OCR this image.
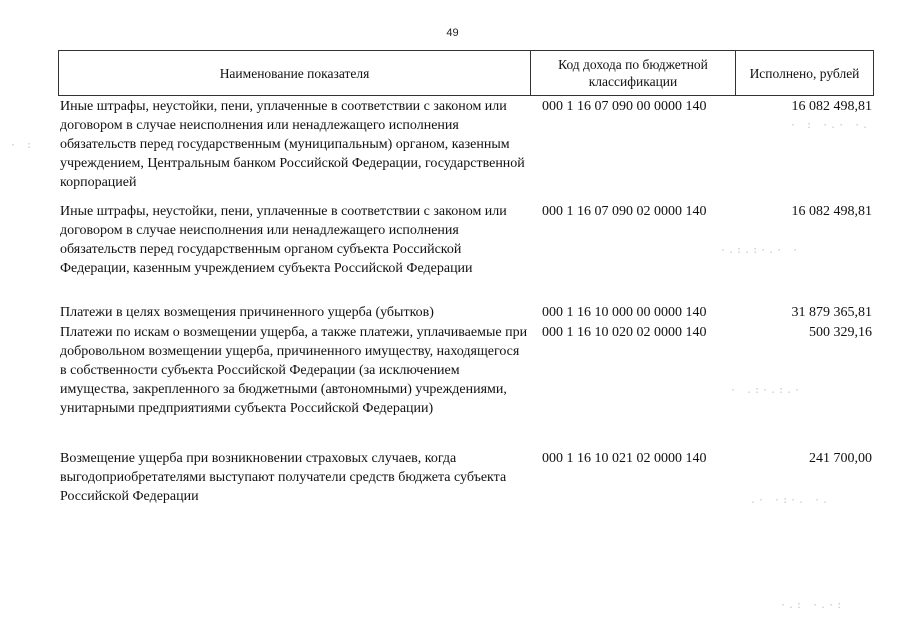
49
Наименование показателя
Код дохода по бюджетной классификации
Исполнено, рублей
Иные штрафы, неустойки, пени, уплаченные в соответствии с законом или договором в случае неисполнения или ненадлежащего исполнения обязательств перед государственным (муниципальным) органом, казенным учреждением, Центральным банком Российской Федерации, государственной корпорацией
000 1 16 07 090 00 0000 140	16 082 498,81
Иные штрафы, неустойки, пени, уплаченные в соответствии с законом или договором в случае неисполнения или ненадлежащего исполнения обязательств перед государственным органом субъекта Российской Федерации, казенным учреждением субъекта Российской Федерации
000 1 16 07 090 02 0000 140	16 082 498,81
Платежи в целях возмещения причиненного ущерба (убытков)	000 1 16 10 000 00 0000 140	31 879 365,81
Платежи по искам о возмещении ущерба, а также платежи, уплачиваемые при добровольном возмещении ущерба, причиненного имуществу, находящегося в собственности субъекта Российской Федерации (за исключением имущества, закрепленного за бюджетными (автономными) учреждениями, унитарными предприятиями субъекта Российской Федерации)
000 1 16 10 020 02 0000 140	500 329,16
Возмещение ущерба при возникновении страховых случаев, когда выгодоприобретателями выступают получатели средств бюджета субъекта Российской Федерации
000 1 16 10 021 02 0000 140	241 700,00
· : ·.· ·.
·.:.:·.· ·
· .:·.:.·
.· ·:·. ·.
· :
·.: ·.·:
